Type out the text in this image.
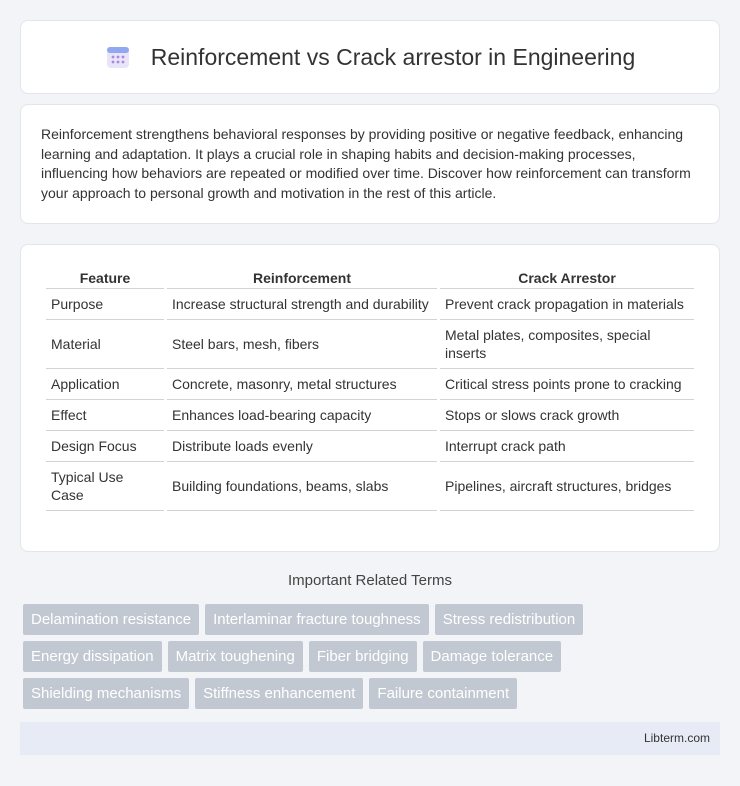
Reinforcement vs Crack arrestor in Engineering

Reinforcement strengthens behavioral responses by providing positive or negative feedback, enhancing learning and adaptation. It plays a crucial role in shaping habits and decision-making processes, influencing how behaviors are repeated or modified over time. Discover how reinforcement can transform your approach to personal growth and motivation in the rest of this article.

Feature	Reinforcement	Crack Arrestor
Purpose	Increase structural strength and durability	Prevent crack propagation in materials
Material	Steel bars, mesh, fibers	Metal plates, composites, special inserts
Application	Concrete, masonry, metal structures	Critical stress points prone to cracking
Effect	Enhances load-bearing capacity	Stops or slows crack growth
Design Focus	Distribute loads evenly	Interrupt crack path
Typical Use Case	Building foundations, beams, slabs	Pipelines, aircraft structures, bridges
Important Related Terms
Delamination resistance	Interlaminar fracture toughness	Stress redistribution
Energy dissipation	Matrix toughening	Fiber bridging	Damage tolerance
Shielding mechanisms	Stiffness enhancement	Failure containment
Libterm.com
